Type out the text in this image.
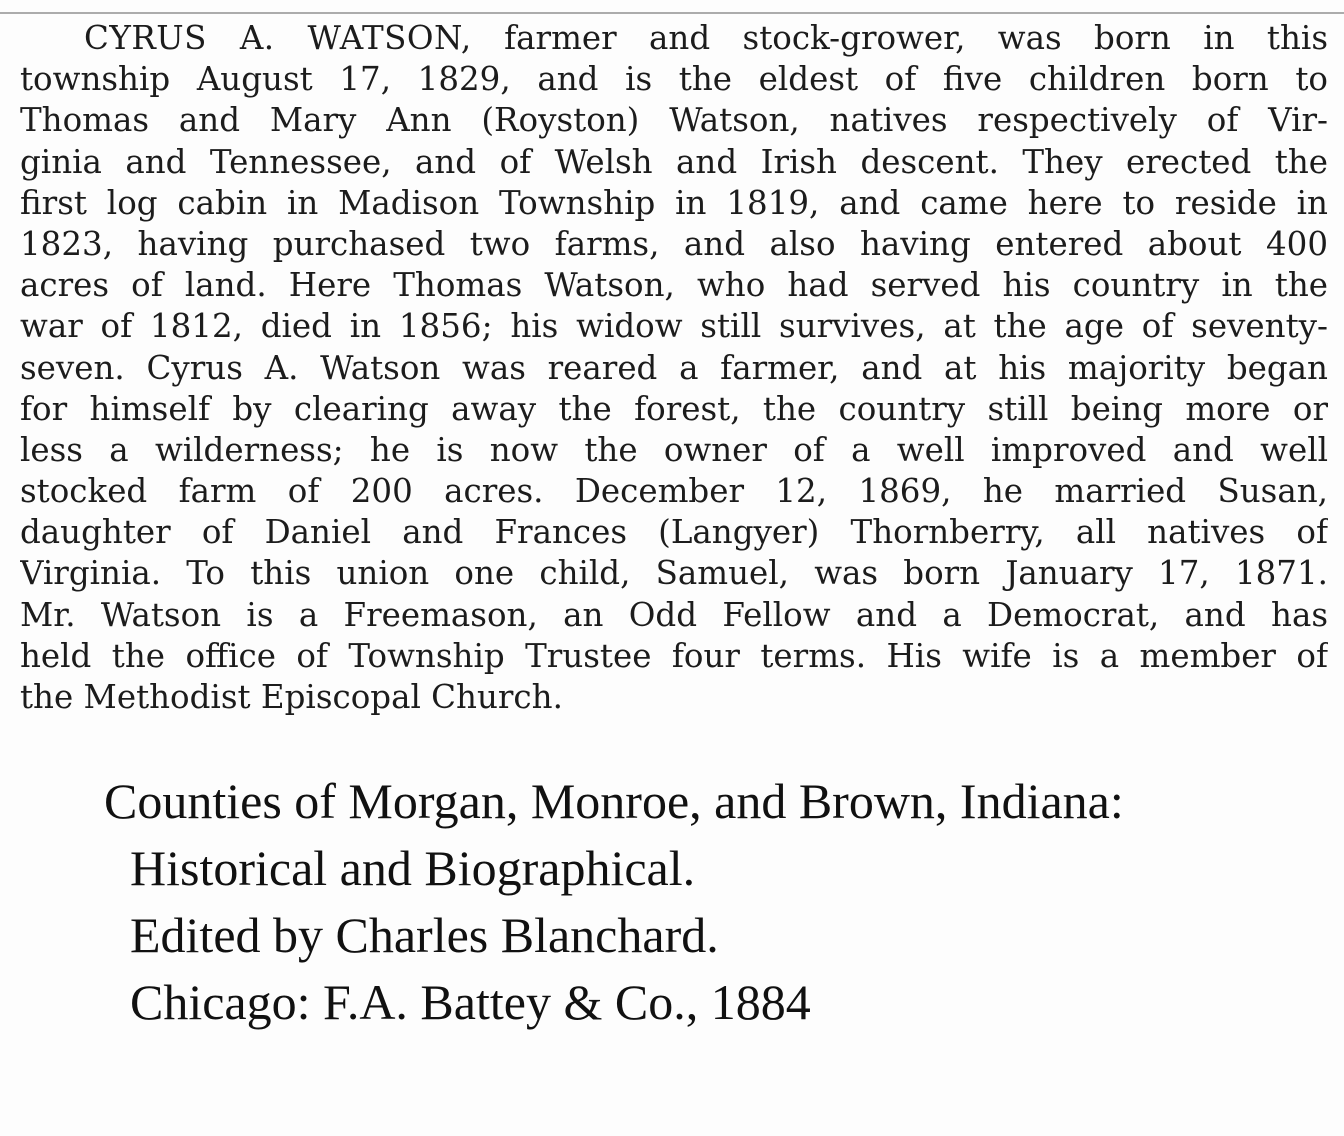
CYRUS A. WATSON, farmer and stock-grower, was born in this
township August 17, 1829, and is the eldest of five children born to
Thomas and Mary Ann (Royston) Watson, natives respectively of Vir-
ginia and Tennessee, and of Welsh and Irish descent. They erected the
first log cabin in Madison Township in 1819, and came here to reside in
1823, having purchased two farms, and also having entered about 400
acres of land. Here Thomas Watson, who had served his country in the
war of 1812, died in 1856; his widow still survives, at the age of seventy-
seven. Cyrus A. Watson was reared a farmer, and at his majority began
for himself by clearing away the forest, the country still being more or
less a wilderness; he is now the owner of a well improved and well
stocked farm of 200 acres. December 12, 1869, he married Susan,
daughter of Daniel and Frances (Langyer) Thornberry, all natives of
Virginia. To this union one child, Samuel, was born January 17, 1871.
Mr. Watson is a Freemason, an Odd Fellow and a Democrat, and has
held the office of Township Trustee four terms. His wife is a member of
the Methodist Episcopal Church.
Counties of Morgan, Monroe, and Brown, Indiana:
Historical and Biographical.
Edited by Charles Blanchard.
Chicago: F.A. Battey & Co., 1884
